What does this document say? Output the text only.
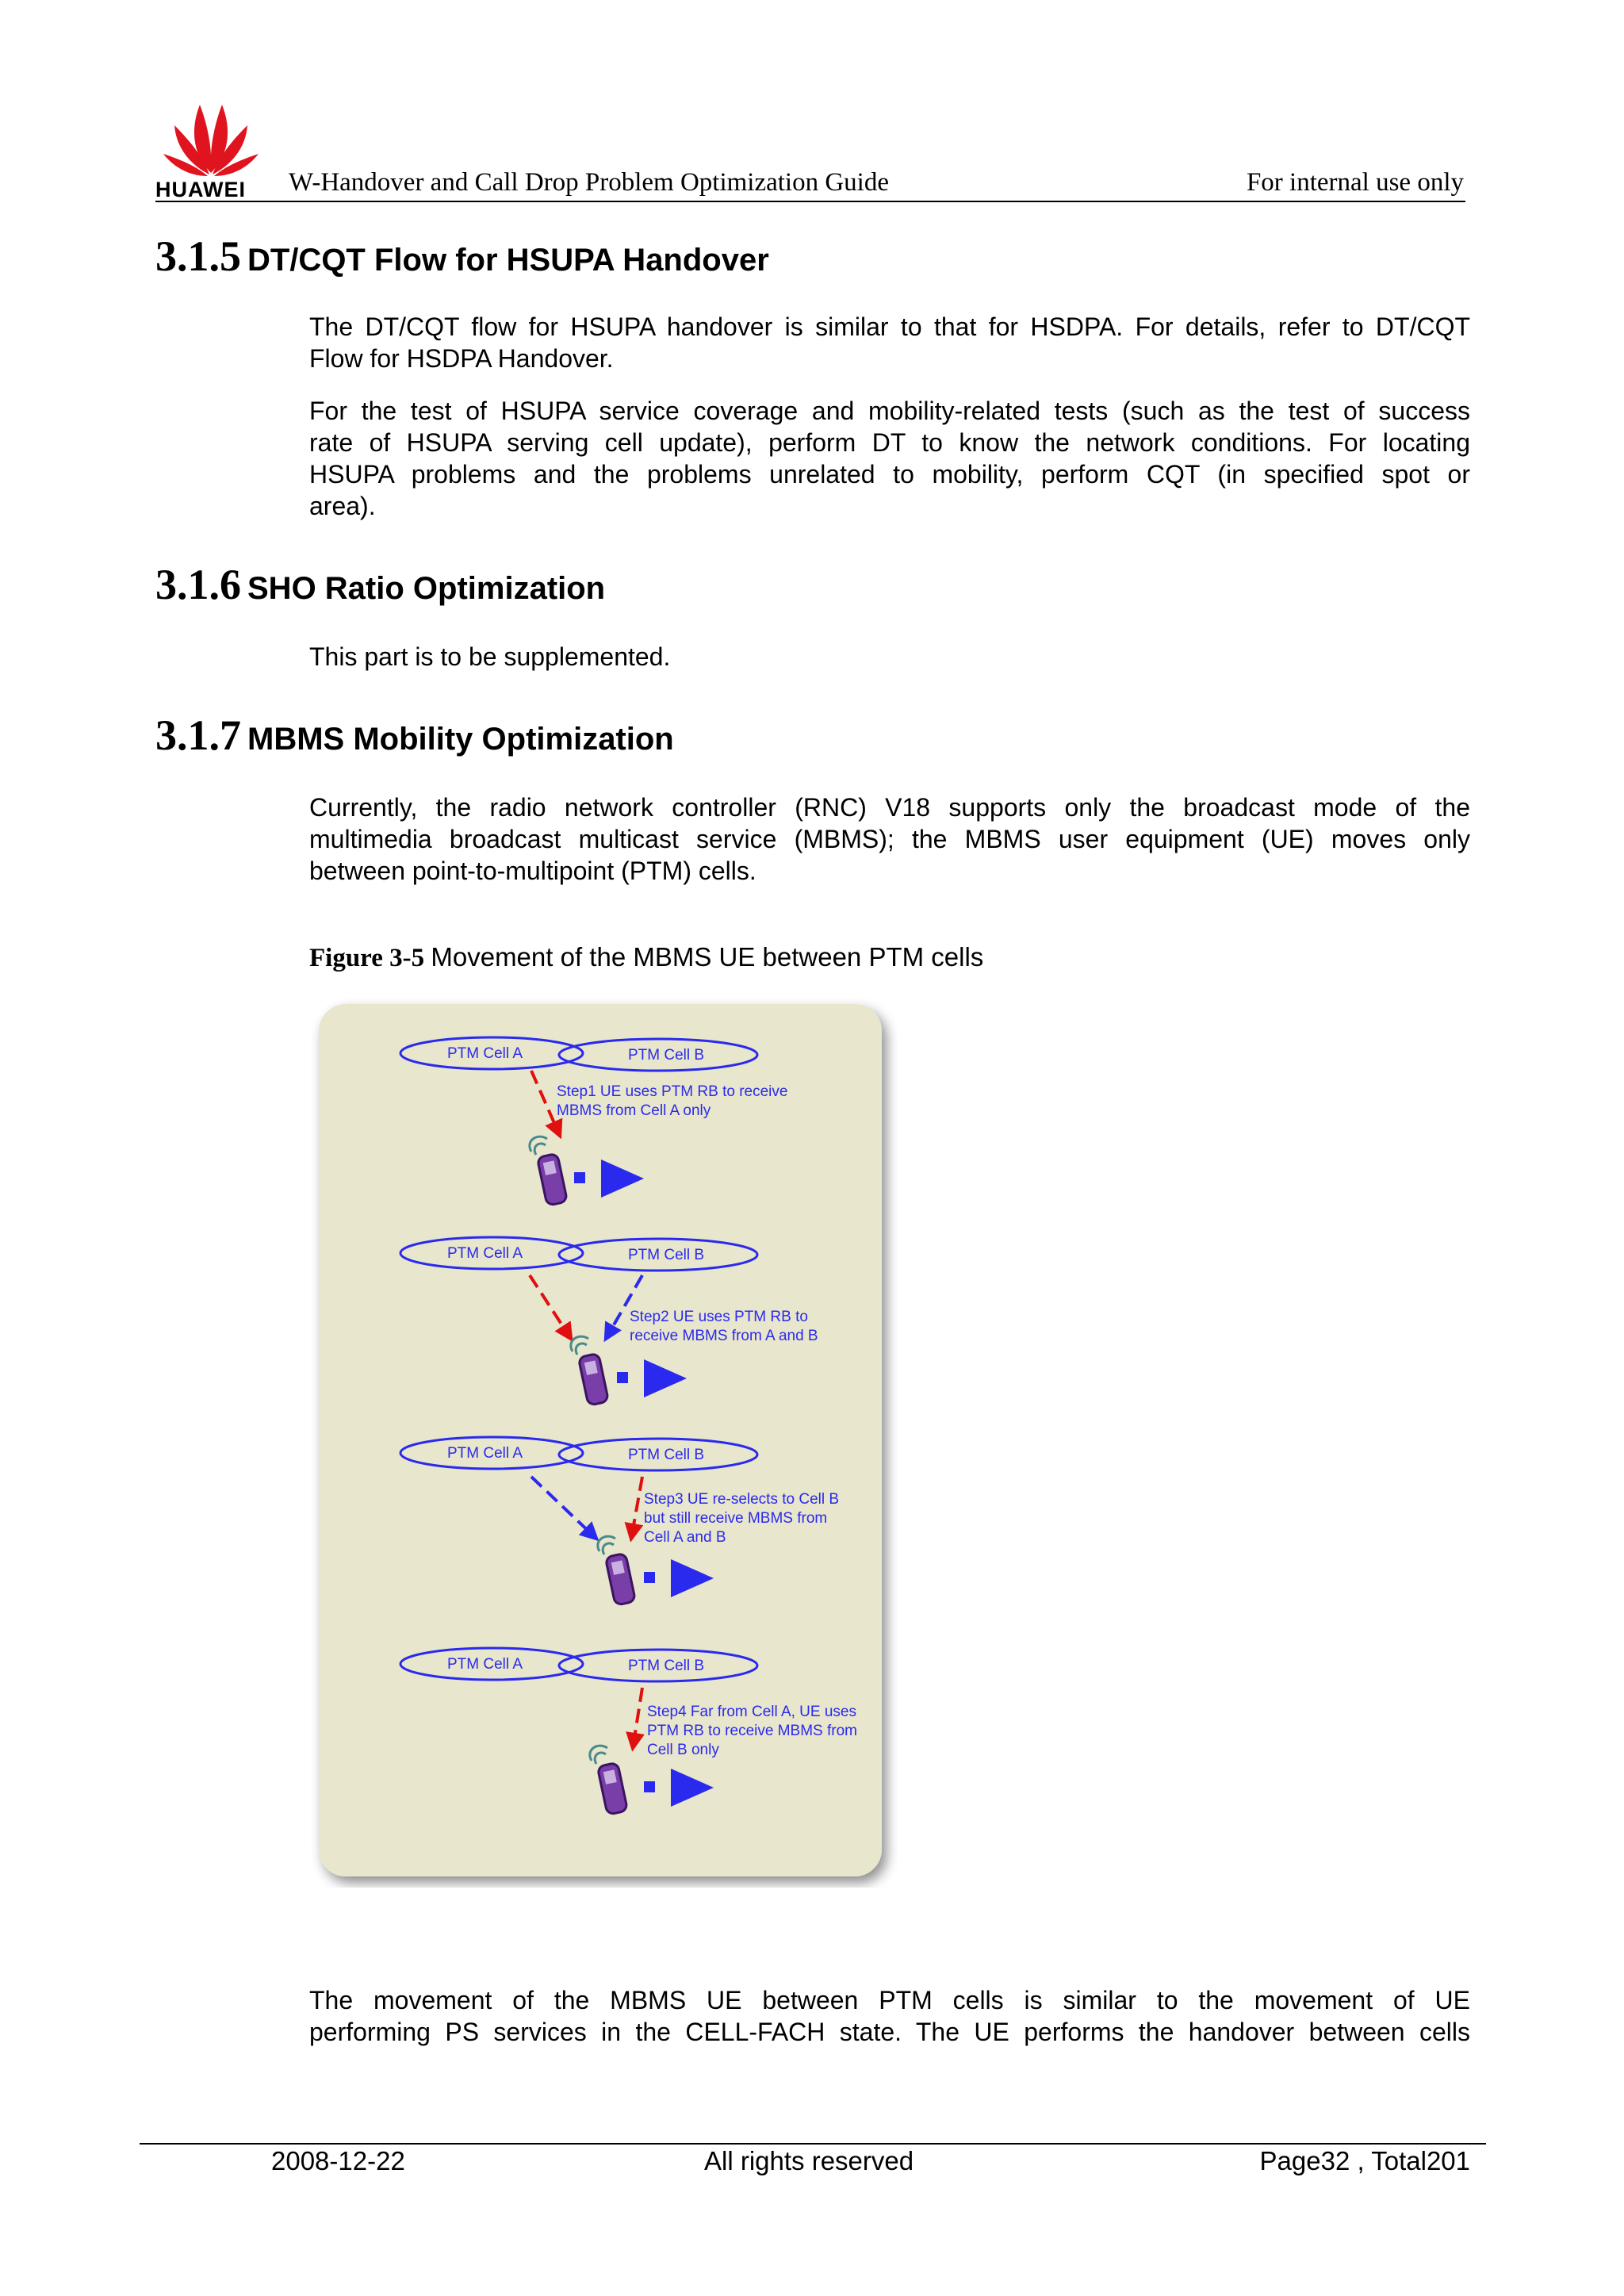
HUAWEI W-Handover and Call Drop Problem Optimization Guide	For internal use only
3.1.5 DT/CQT Flow for HSUPA Handover
The DT/CQT flow for HSUPA handover is similar to that for HSDPA. For details, refer to DT/CQT
Flow for HSDPA Handover.
For the test of HSUPA service coverage and mobility-related tests (such as the test of success
rate of HSUPA serving cell update), perform DT to know the network conditions. For locating
HSUPA problems and the problems unrelated to mobility, perform CQT (in specified spot or
area).
3.1.6 SHO Ratio Optimization
This part is to be supplemented.
3.1.7 MBMS Mobility Optimization
Currently, the radio network controller (RNC) V18 supports only the broadcast mode of the
multimedia broadcast multicast service (MBMS); the MBMS user equipment (UE) moves only
between point-to-multipoint (PTM) cells.
Figure 3-5 Movement of the MBMS UE between PTM cells
PTM Cell A	PTM Cell B
Step1 UE uses PTM RB to receive
MBMS from Cell A only
PTM Cell A	PTM Cell B
Step2 UE uses PTM RB to
receive MBMS from A and B
PTM Cell A	PTM Cell B
Step3 UE re-selects to Cell B
but still receive MBMS from
Cell A and B
PTM Cell A	PTM Cell B
Step4 Far from Cell A, UE uses
PTM RB to receive MBMS from
Cell B only
The movement of the MBMS UE between PTM cells is similar to the movement of UE
performing PS services in the CELL-FACH state. The UE performs the handover between cells
2008-12-22	All rights reserved	Page32 , Total201
